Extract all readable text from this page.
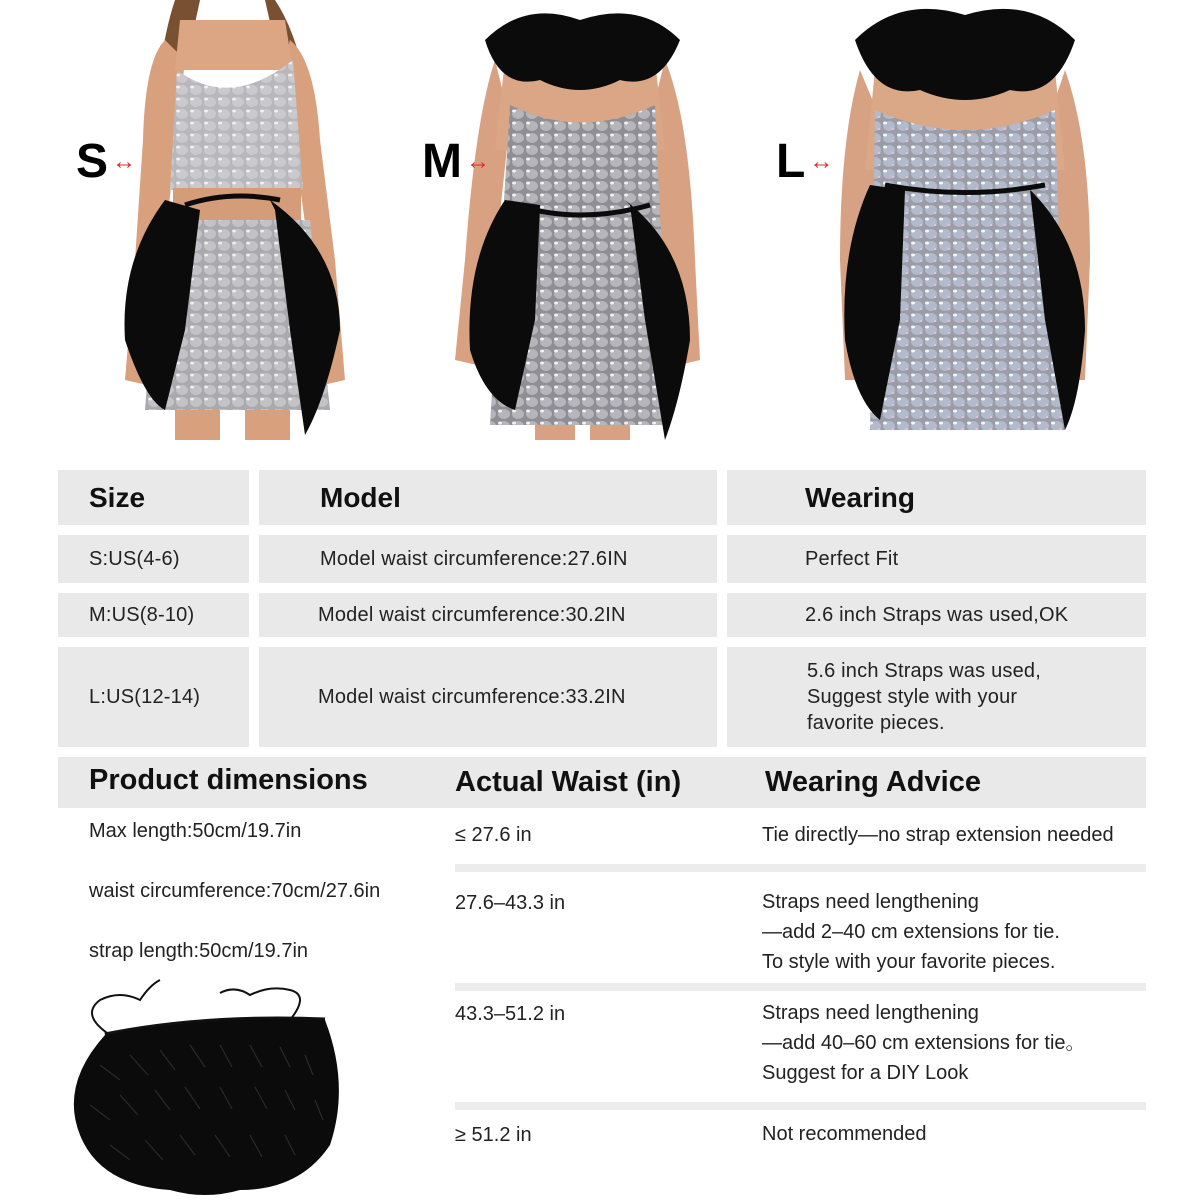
S ↔	M ↔	L ↔
Size	Model	Wearing
S:US(4-6)	Model waist circumference:27.6IN	Perfect Fit
M:US(8-10)	Model waist circumference:30.2IN	2.6 inch Straps was used,OK
L:US(12-14)	Model waist circumference:33.2IN
5.6 inch Straps was used,
Suggest style with your
favorite pieces.
Product dimensions	Actual Waist (in)	Wearing Advice
Max length:50cm/19.7in
waist circumference:70cm/27.6in
strap length:50cm/19.7in
≤ 27.6 in	Tie directly—no strap extension needed
27.6–43.3 in	Straps need lengthening
—add 2–40 cm extensions for tie.
To style with your favorite pieces.
43.3–51.2 in	Straps need lengthening
—add 40–60 cm extensions for tie。
Suggest for a DIY Look
≥ 51.2 in	Not recommended
